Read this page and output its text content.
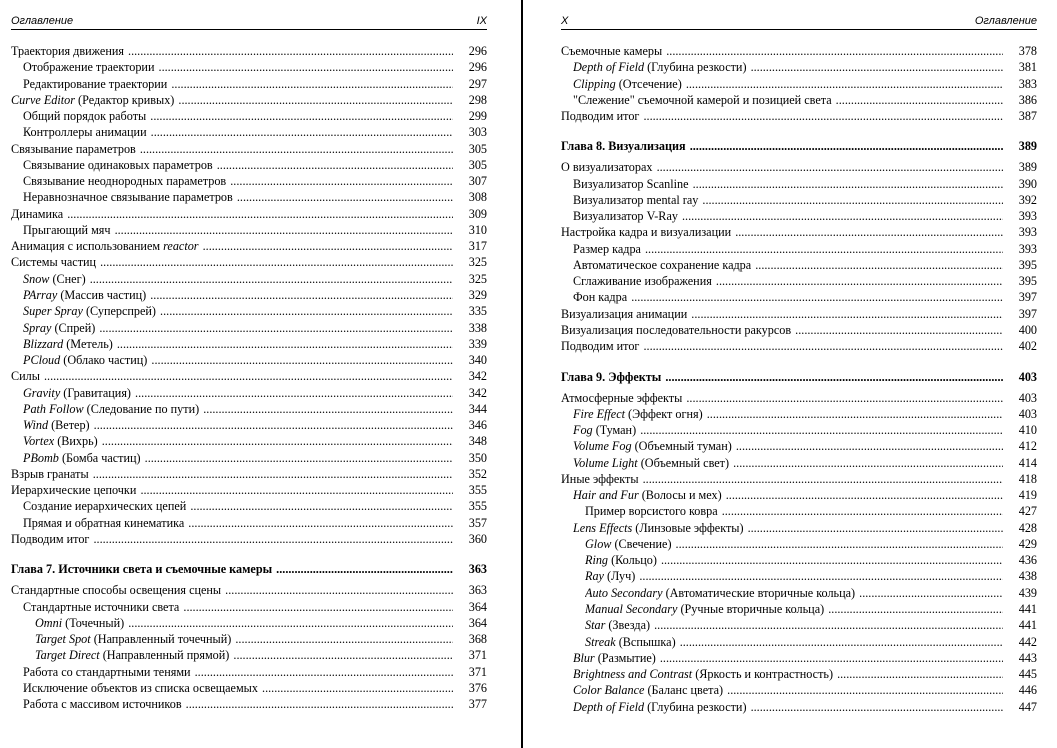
Оглавление	IX
Траектория движения .....	296
Отображение траектории .....	296
Редактирование траектории .....	297
Curve Editor (Редактор кривых) .....	298
Общий порядок работы .....	299
Контроллеры анимации .....	303
Связывание параметров .....	305
Связывание одинаковых параметров .....	305
Связывание неоднородных параметров .....	307
Неравнозначное связывание параметров .....	308
Динамика .....	309
Прыгающий мяч .....	310
Анимация с использованием reactor .....	317
Системы частиц .....	325
Snow (Снег) .....	325
PArray (Массив частиц) .....	329
Super Spray (Суперспрей) .....	335
Spray (Спрей) .....	338
Blizzard (Метель) .....	339
PCloud (Облако частиц) .....	340
Силы .....	342
Gravity (Гравитация) .....	342
Path Follow (Следование по пути) .....	344
Wind (Ветер) .....	346
Vortex (Вихрь) .....	348
PBomb (Бомба частиц) .....	350
Взрыв гранаты .....	352
Иерархические цепочки .....	355
Создание иерархических цепей .....	355
Прямая и обратная кинематика .....	357
Подводим итог .....	360
Глава 7. Источники света и съемочные камеры .....	363
Стандартные способы освещения сцены .....	363
Стандартные источники света .....	364
Omni (Точечный) .....	364
Target Spot (Направленный точечный) .....	368
Target Direct (Направленный прямой) .....	371
Работа со стандартными тенями .....	371
Исключение объектов из списка освещаемых .....	376
Работа с массивом источников .....	377
X	Оглавление
Съемочные камеры .....	378
Depth of Field (Глубина резкости) .....	381
Clipping (Отсечение) .....	383
"Слежение" съемочной камерой и позицией света .....	386
Подводим итог .....	387
Глава 8. Визуализация .....	389
О визуализаторах .....	389
Визуализатор Scanline .....	390
Визуализатор mental ray .....	392
Визуализатор V-Ray .....	393
Настройка кадра и визуализации .....	393
Размер кадра .....	393
Автоматическое сохранение кадра .....	395
Сглаживание изображения .....	395
Фон кадра .....	397
Визуализация анимации .....	397
Визуализация последовательности ракурсов .....	400
Подводим итог .....	402
Глава 9. Эффекты .....	403
Атмосферные эффекты .....	403
Fire Effect (Эффект огня) .....	403
Fog (Туман) .....	410
Volume Fog (Объемный туман) .....	412
Volume Light (Объемный свет) .....	414
Иные эффекты .....	418
Hair and Fur (Волосы и мех) .....	419
Пример ворсистого ковра .....	427
Lens Effects (Линзовые эффекты) .....	428
Glow (Свечение) .....	429
Ring (Кольцо) .....	436
Ray (Луч) .....	438
Auto Secondary (Автоматические вторичные кольца) .....	439
Manual Secondary (Ручные вторичные кольца) .....	441
Star (Звезда) .....	441
Streak (Вспышка) .....	442
Blur (Размытие) .....	443
Brightness and Contrast (Яркость и контрастность) .....	445
Color Balance (Баланс цвета) .....	446
Depth of Field (Глубина резкости) .....	447
